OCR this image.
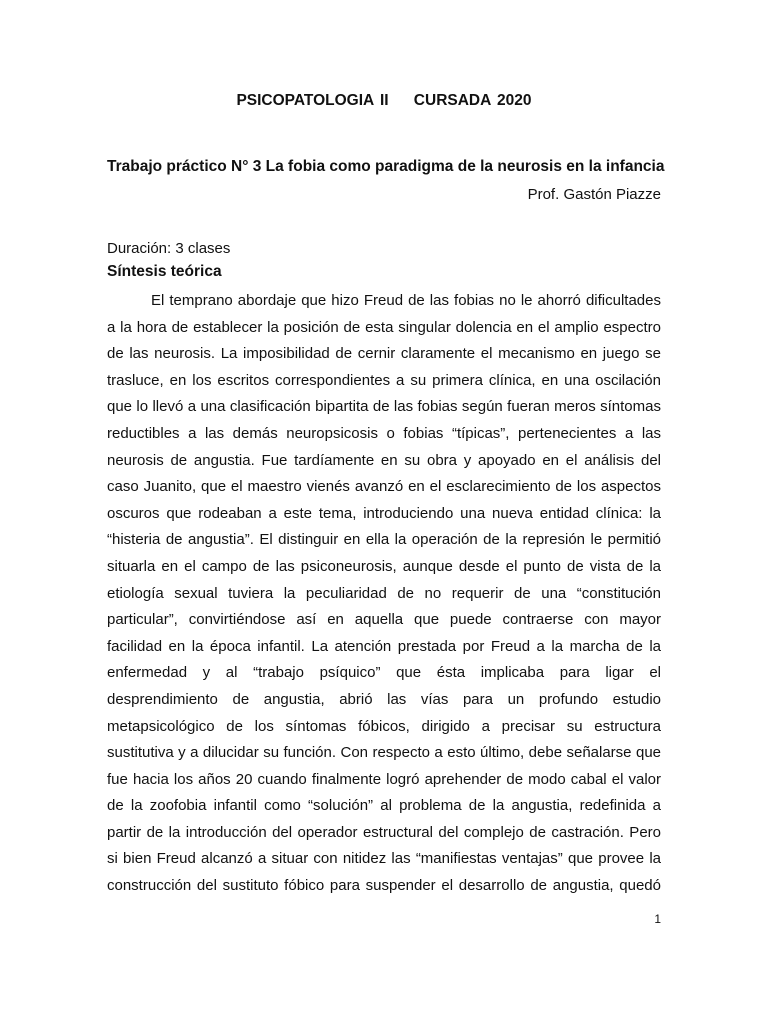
PSICOPATOLOGIA II    CURSADA 2020
Trabajo práctico N° 3 La fobia como paradigma de la neurosis en la infancia
Prof. Gastón Piazze
Duración: 3 clases
Síntesis teórica
El temprano abordaje que hizo Freud de las fobias no le ahorró dificultades
a la hora de establecer la posición de esta singular dolencia en el amplio espectro
de las neurosis. La imposibilidad de cernir claramente el mecanismo en juego se
trasluce, en los escritos correspondientes a su primera clínica, en una oscilación
que lo llevó a una clasificación bipartita de las fobias según fueran meros síntomas
reductibles a las demás neuropsicosis o fobias “típicas”, pertenecientes a las
neurosis de angustia. Fue tardíamente en su obra y apoyado en el análisis del
caso Juanito, que el maestro vienés avanzó en el esclarecimiento de los aspectos
oscuros que rodeaban a este tema, introduciendo una nueva entidad clínica: la
“histeria de angustia”. El distinguir en ella la operación de la represión le permitió
situarla en el campo de las psiconeurosis, aunque desde el punto de vista de la
etiología sexual tuviera la peculiaridad de no requerir de una “constitución
particular”, convirtiéndose así en aquella que puede contraerse con mayor
facilidad en la época infantil. La atención prestada por Freud a la marcha de la
enfermedad y al “trabajo psíquico” que ésta implicaba para ligar el
desprendimiento de angustia, abrió las vías para un profundo estudio
metapsicológico de los síntomas fóbicos, dirigido a precisar su estructura
sustitutiva y a dilucidar su función. Con respecto a esto último, debe señalarse que
fue hacia los años 20 cuando finalmente logró aprehender de modo cabal el valor
de la zoofobia infantil como “solución” al problema de la angustia, redefinida a
partir de la introducción del operador estructural del complejo de castración. Pero
si bien Freud alcanzó a situar con nitidez las “manifiestas ventajas” que provee la
construcción del sustituto fóbico para suspender el desarrollo de angustia, quedó
1
